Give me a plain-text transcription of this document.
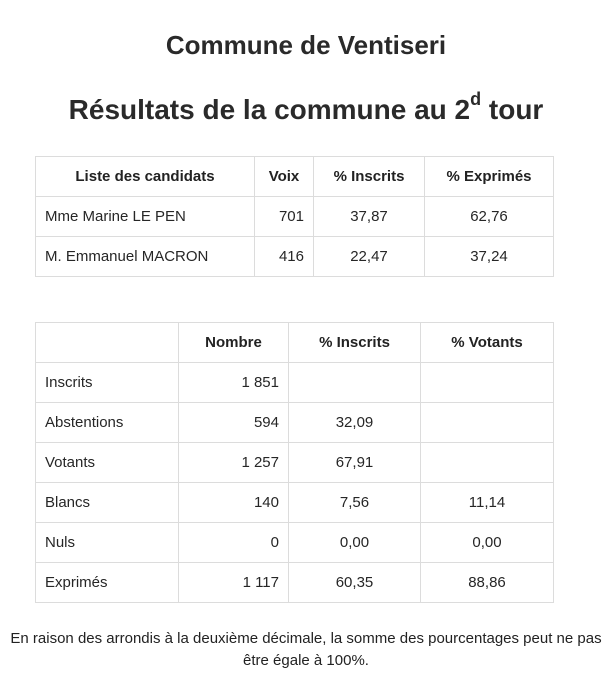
Commune de Ventiseri
Résultats de la commune au 2$^d$ tour
Liste des candidats	Voix	% Inscrits	% Exprimés
Mme Marine LE PEN	701	37,87	62,76
M. Emmanuel MACRON	416	22,47	37,24
	Nombre	% Inscrits	% Votants
Inscrits	1 851		
Abstentions	594	32,09	
Votants	1 257	67,91	
Blancs	140	7,56	11,14
Nuls	0	0,00	0,00
Exprimés	1 117	60,35	88,86
En raison des arrondis à la deuxième décimale, la somme des pourcentages peut ne pas être égale à 100%.
